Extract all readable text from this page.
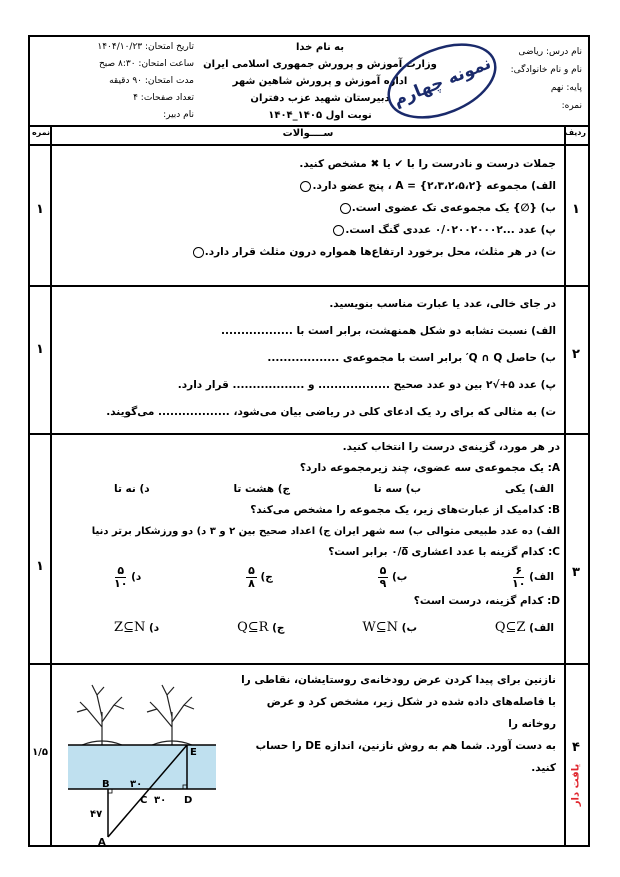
تاریخ امتحان: ۱۴۰۴/۱۰/۲۳
ساعت امتحان: ۸:۳۰ صبح
مدت امتحان: ۹۰ دقیقه
تعداد صفحات: ۴
نام دبیر:
به نام خدا
وزارت آموزش و پرورش جمهوری اسلامی ایران
اداره آموزش و پرورش شاهین شهر
دبیرستان شهید عزب دفتران
نوبت اول ۱۴۰۵_۱۴۰۴
نمونه چهارم
نام درس: ریاضی
نام و نام خانوادگی:
پایه: نهم
نمره:
ردیف
ســــوالات
نمره
۱
۱
جملات درست و نادرست را با ✔ یا ✖ مشخص کنید.
الف) مجموعه {۲،۳،۲،۵،۲} = A ، پنج عضو دارد.
ب) {∅} یک مجموعه‌ی تک عضوی است.
پ) عدد ...۰/۰۲۰۰۲۰۰۰۲ عددی گنگ است.
ت) در هر مثلث، محل برخورد ارتفاع‌ها همواره درون مثلث قرار دارد.
۲
۱
در جای خالی، عدد یا عبارت مناسب بنویسید.
الف) نسبت تشابه دو شکل همنهشت، برابر است با ..................
ب) حاصل Q ∩ Q′ برابر است با مجموعه‌ی ..................
پ) عدد ۵+√۲ بین دو عدد صحیح .................. و .................. قرار دارد.
ت) به مثالی که برای رد یک ادعای کلی در ریاضی بیان می‌شود، .................. می‌گویند.
۳
۱
در هر مورد، گزینه‌ی درست را انتخاب کنید.
A: یک مجموعه‌ی سه عضوی، چند زیرمجموعه دارد؟
الف) یکی
ب) سه تا
ج) هشت تا
د) نه تا
B: کدامیک از عبارت‌های زیر، یک مجموعه را مشخص می‌کند؟
الف) ده عدد طبیعی متوالی ب) سه شهر ایران ج) اعداد صحیح بین ۲ و ۳ د) دو ورزشکار برتر دنیا
C: کدام گزینه با عدد اعشاری ۰/۵̅ برابر است؟
الف)
$\frac{۶}{۱۰}$
ب)
$\frac{۵}{۹}$
ج)
$\frac{۵}{۸}$
د)
$\frac{۵}{۱۰}$
D: کدام گزینه، درست است؟
الف) Q⊆Z
ب) W⊆N
ج) Q⊆R
د) Z⊆N
۴
یافت دار
۱/۵
نازنین برای پیدا کردن عرض رودخانه‌ی روستایشان، نقاطی را
با فاصله‌های داده شده در شکل زیر، مشخص کرد و عرض روخانه را
به دست آورد. شما هم به روش نازنین، اندازه DE را حساب کنید.
B ۳۰
C ۳۰ D
E
۴۷
A
